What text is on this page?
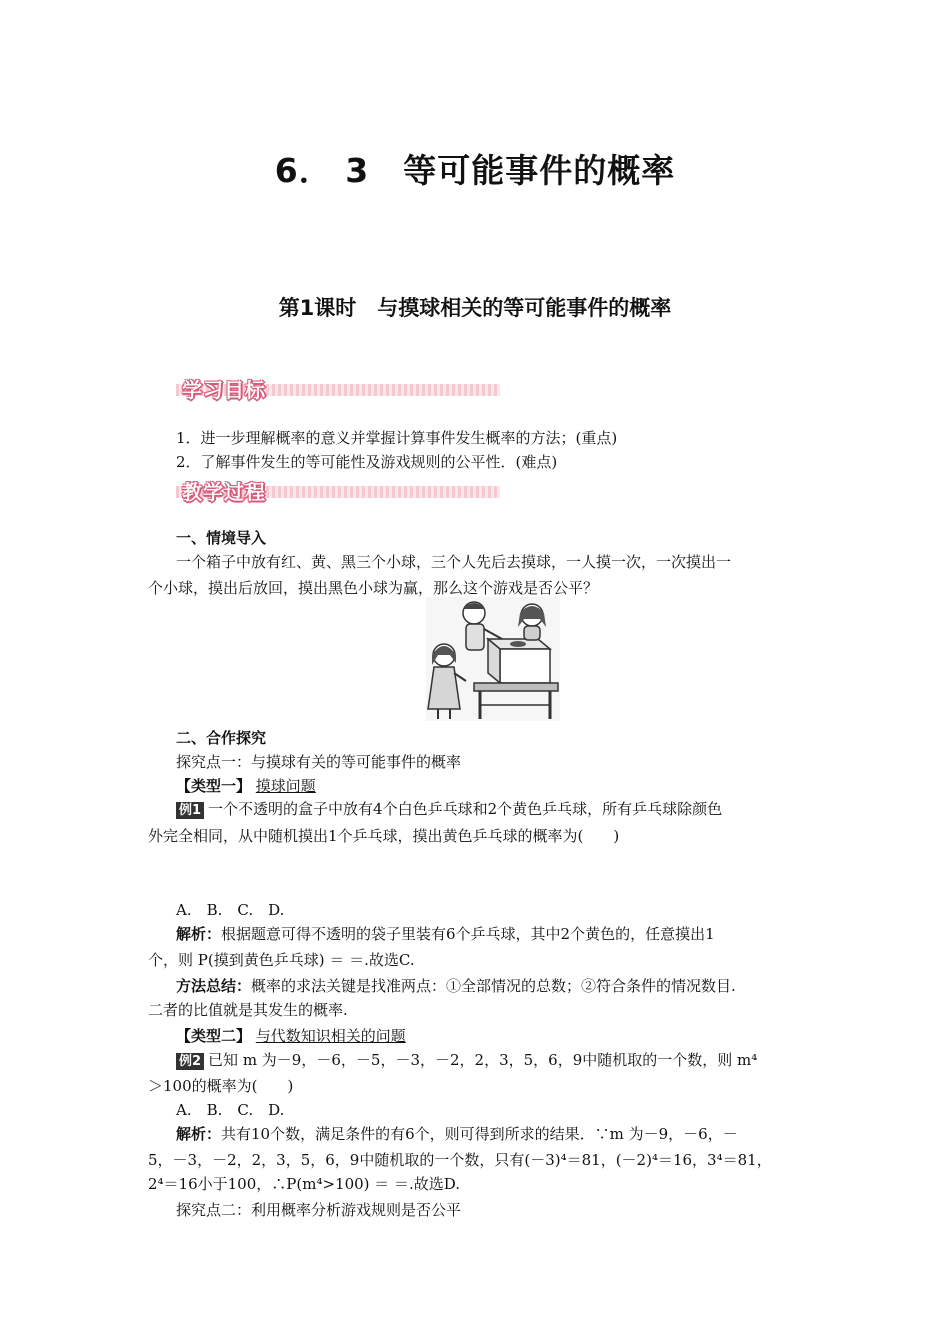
6． 3　等可能事件的概率
第1课时　与摸球相关的等可能事件的概率
学习目标
1．进一步理解概率的意义并掌握计算事件发生概率的方法；(重点)
2．了解事件发生的等可能性及游戏规则的公平性．(难点)
教学过程
一、情境导入
一个箱子中放有红、黄、黑三个小球，三个人先后去摸球，一人摸一次，一次摸出一
个小球，摸出后放回，摸出黑色小球为赢，那么这个游戏是否公平？
二、合作探究
探究点一：与摸球有关的等可能事件的概率
【类型一】 摸球问题
例1 一个不透明的盒子中放有4个白色乒乓球和2个黄色乒乓球，所有乒乓球除颜色
外完全相同，从中随机摸出1个乒乓球，摸出黄色乒乓球的概率为(　　)
A.　B.　C.　D.
解析：根据题意可得不透明的袋子里装有6个乒乓球，其中2个黄色的，任意摸出1
个，则 P(摸到黄色乒乓球) ＝ ＝.故选C.
方法总结：概率的求法关键是找准两点：①全部情况的总数；②符合条件的情况数目.
二者的比值就是其发生的概率.
【类型二】 与代数知识相关的问题
例2 已知 m 为－9，－6，－5，－3，－2，2，3，5，6，9中随机取的一个数，则 m⁴
＞100的概率为(　　)
A.　B.　C.　D.
解析：共有10个数，满足条件的有6个，则可得到所求的结果．∵m 为－9，－6，－
5，－3，－2，2，3，5，6，9中随机取的一个数，只有(－3)⁴＝81，(－2)⁴＝16，3⁴＝81，
2⁴＝16小于100，∴P(m⁴>100) ＝ ＝.故选D.
探究点二：利用概率分析游戏规则是否公平
